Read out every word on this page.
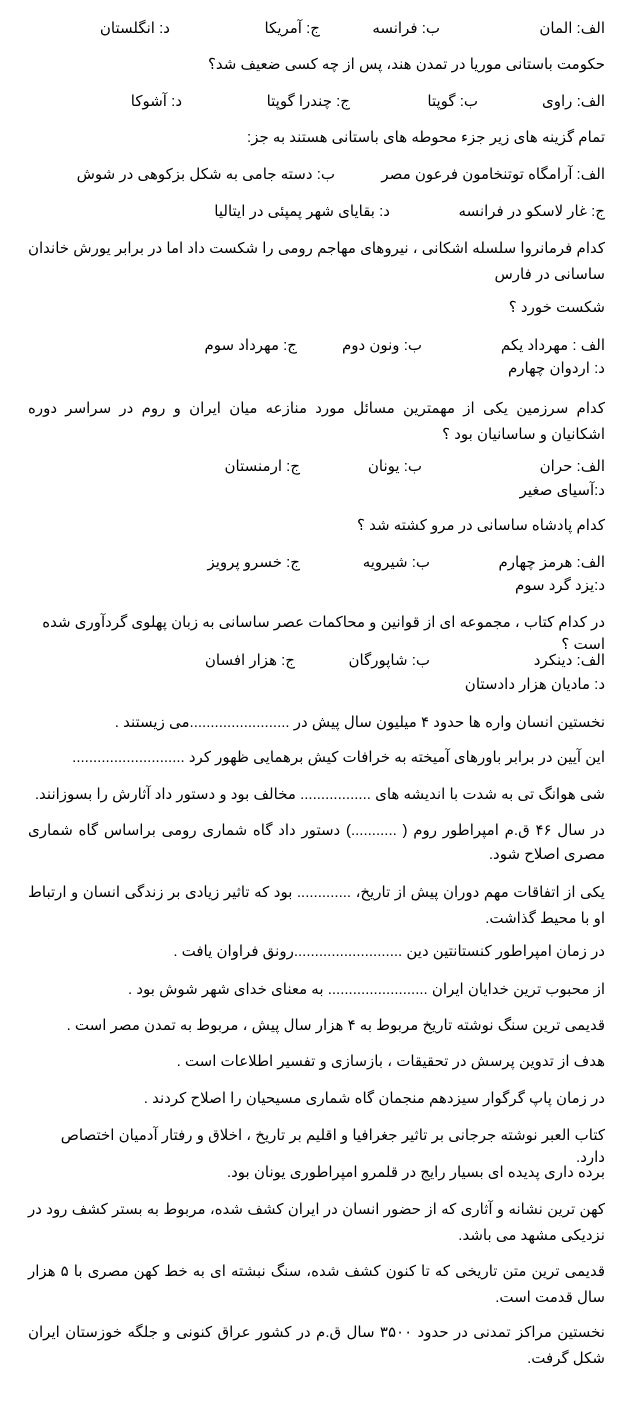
الف: المان
ب: فرانسه
ج: آمریکا
د: انگلستان
حکومت باستانی موریا در تمدن هند، پس از چه کسی ضعیف شد؟
الف: راوی
ب: گوپتا
ج: چندرا گوپتا
د: آشوکا
تمام گزینه های زیر جزء محوطه های باستانی هستند به جز:
الف: آرامگاه توتنخامون فرعون مصر
ب: دسته جامی به شکل بزکوهی در شوش
ج: غار لاسکو در فرانسه
د: بقایای شهر پمپئی در ایتالیا
کدام فرمانروا سلسله اشکانی ، نیروهای مهاجم رومی را شکست داد اما در برابر یورش خاندان ساسانی در فارس
شکست خورد ؟
الف : مهرداد یکم
ب: ونون دوم
ج: مهرداد سوم
د: اردوان چهارم
کدام سرزمین یکی از مهمترین مسائل مورد منازعه میان ایران و روم در سراسر دوره اشکانیان و ساسانیان بود ؟
الف: حران
ب: یونان
ج: ارمنستان
د:آسیای صغیر
کدام پادشاه ساسانی در مرو کشته شد ؟
الف: هرمز چهارم
ب: شیرویه
ج: خسرو پرویز
د:یزد گرد سوم
در کدام کتاب ، مجموعه ای از قوانین و محاکمات عصر ساسانی به زبان پهلوی گردآوری شده است ؟
الف: دینکرد
ب: شاپورگان
ج: هزار افسان
د: مادیان هزار دادستان
نخستین انسان واره ها حدود ۴ میلیون سال پیش در ........................می زیستند .
این آیین در برابر باورهای آمیخته به خرافات کیش برهمایی ظهور کرد ...........................
شی هوانگ تی به شدت با اندیشه های ................. مخالف بود و دستور داد آثارش را بسوزانند.
در سال ۴۶ ق.م امپراطور روم ( ...........) دستور داد گاه شماری رومی براساس گاه شماری مصری اصلاح شود.
یکی از اتفاقات مهم دوران پیش از تاریخ، ............. بود که تاثیر زیادی بر زندگی انسان و ارتباط او با محیط گذاشت.
در زمان امپراطور کنستانتین دین ..........................رونق فراوان یافت .
از محبوب ترین خدایان ایران ........................ به معنای خدای شهر شوش بود .
قدیمی ترین سنگ نوشته تاریخ مربوط به ۴ هزار سال پیش ، مربوط به تمدن مصر است .
هدف از تدوین پرسش در تحقیقات ، بازسازی و تفسیر اطلاعات است .
در زمان پاپ گرگوار سیزدهم منجمان گاه شماری مسیحیان را اصلاح کردند .
کتاب العبر نوشته جرجانی بر تاثیر جغرافیا و اقلیم بر تاریخ ، اخلاق و رفتار آدمیان اختصاص دارد.
برده داری پدیده ای بسیار رایج در قلمرو امپراطوری یونان بود.
کهن ترین نشانه و آثاری که از حضور انسان در ایران کشف شده، مربوط به بستر کشف رود در نزدیکی مشهد می باشد.
قدیمی ترین متن تاریخی که تا کنون کشف شده، سنگ نبشته ای به خط کهن مصری با ۵ هزار سال قدمت است.
نخستین مراکز تمدنی در حدود ۳۵۰۰ سال ق.م در کشور عراق کنونی و جلگه خوزستان ایران شکل گرفت.
